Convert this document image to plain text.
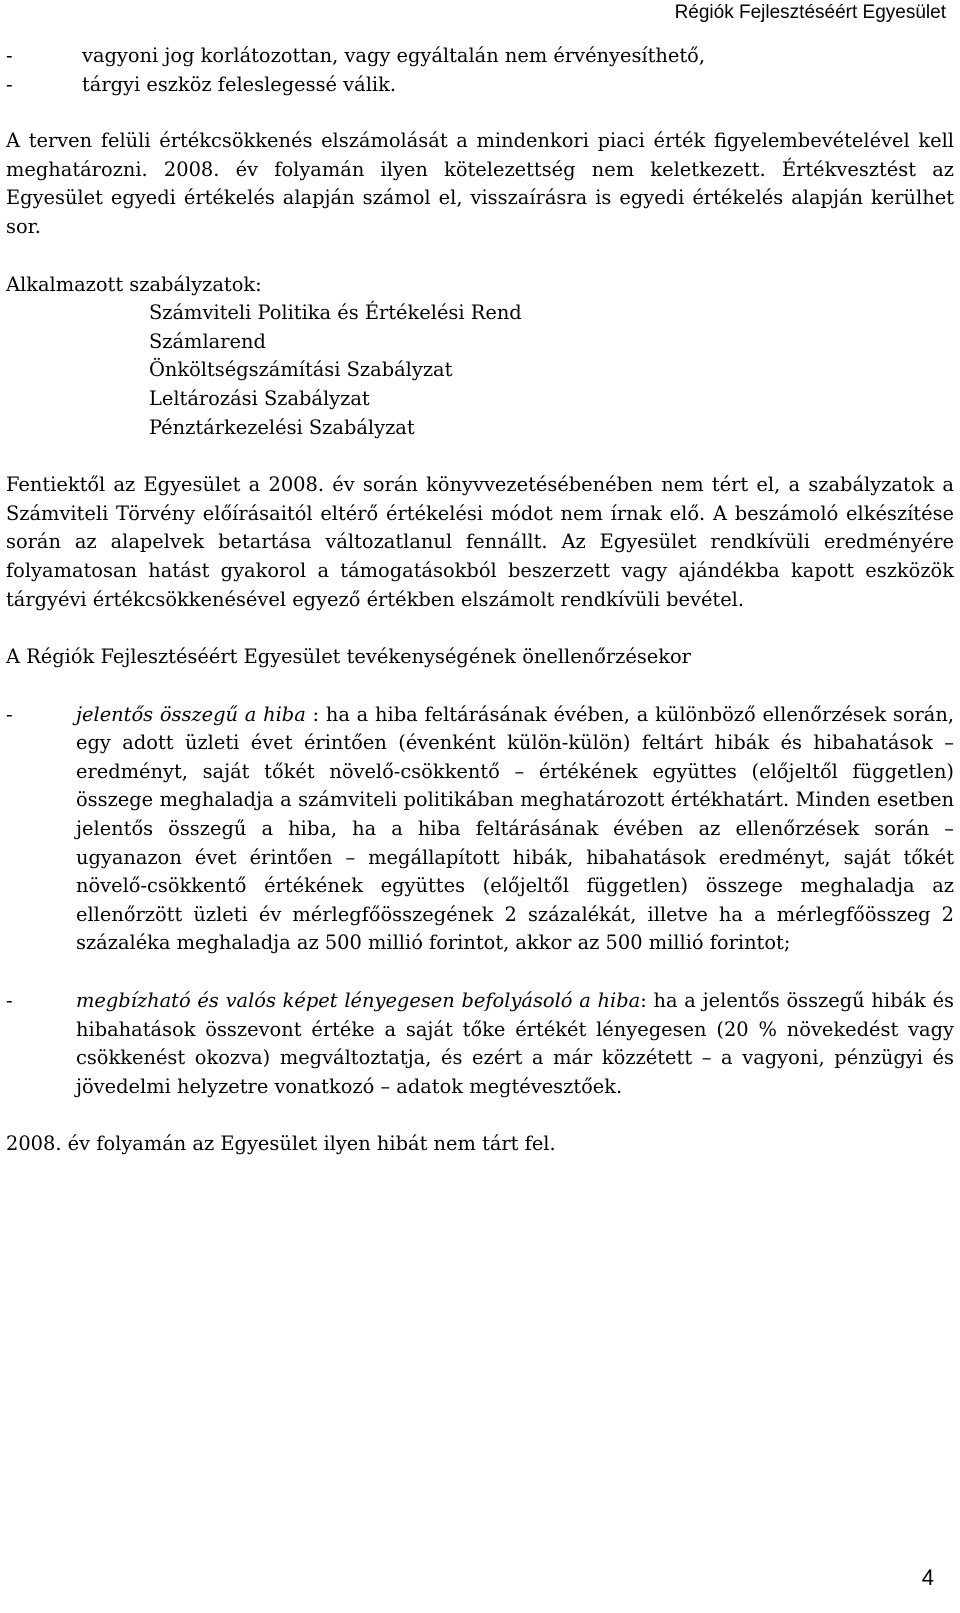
Régiók Fejlesztéséért Egyesület
-	vagyoni jog korlátozottan, vagy egyáltalán nem érvényesíthető,
-	tárgyi eszköz feleslegessé válik.

A terven felüli értékcsökkenés elszámolását a mindenkori piaci érték figyelembevételével kell meghatározni. 2008. év folyamán ilyen kötelezettség nem keletkezett. Értékvesztést az Egyesület egyedi értékelés alapján számol el, visszaírásra is egyedi értékelés alapján kerülhet sor.

Alkalmazott szabályzatok:

Számviteli Politika és Értékelési Rend

Számlarend

Önköltségszámítási Szabályzat

Leltározási Szabályzat

Pénztárkezelési Szabályzat

Fentiektől az Egyesület a 2008. év során könyvvezetésébenében nem tért el, a szabályzatok a Számviteli Törvény előírásaitól eltérő értékelési módot nem írnak elő. A beszámoló elkészítése során az alapelvek betartása változatlanul fennállt. Az Egyesület rendkívüli eredményére folyamatosan hatást gyakorol a támogatásokból beszerzett vagy ajándékba kapott eszközök tárgyévi értékcsökkenésével egyező értékben elszámolt rendkívüli bevétel.

A Régiók Fejlesztéséért Egyesület tevékenységének önellenőrzésekor

-	jelentős összegű a hiba : ha a hiba feltárásának évében, a különböző ellenőrzések során, egy adott üzleti évet érintően (évenként külön-külön) feltárt hibák és hibahatások – eredményt, saját tőkét növelő-csökkentő – értékének együttes (előjeltől független) összege meghaladja a számviteli politikában meghatározott értékhatárt. Minden esetben jelentős összegű a hiba, ha a hiba feltárásának évében az ellenőrzések során – ugyanazon évet érintően – megállapított hibák, hibahatások eredményt, saját tőkét növelő-csökkentő értékének együttes (előjeltől független) összege meghaladja az ellenőrzött üzleti év mérlegfőösszegének 2 százalékát, illetve ha a mérlegfőösszeg 2 százaléka meghaladja az 500 millió forintot, akkor az 500 millió forintot;
-	megbízható és valós képet lényegesen befolyásoló a hiba: ha a jelentős összegű hibák és hibahatások összevont értéke a saját tőke értékét lényegesen (20 % növekedést vagy csökkenést okozva) megváltoztatja, és ezért a már közzétett – a vagyoni, pénzügyi és jövedelmi helyzetre vonatkozó – adatok megtévesztőek.

2008. év folyamán az Egyesület ilyen hibát nem tárt fel.

4
